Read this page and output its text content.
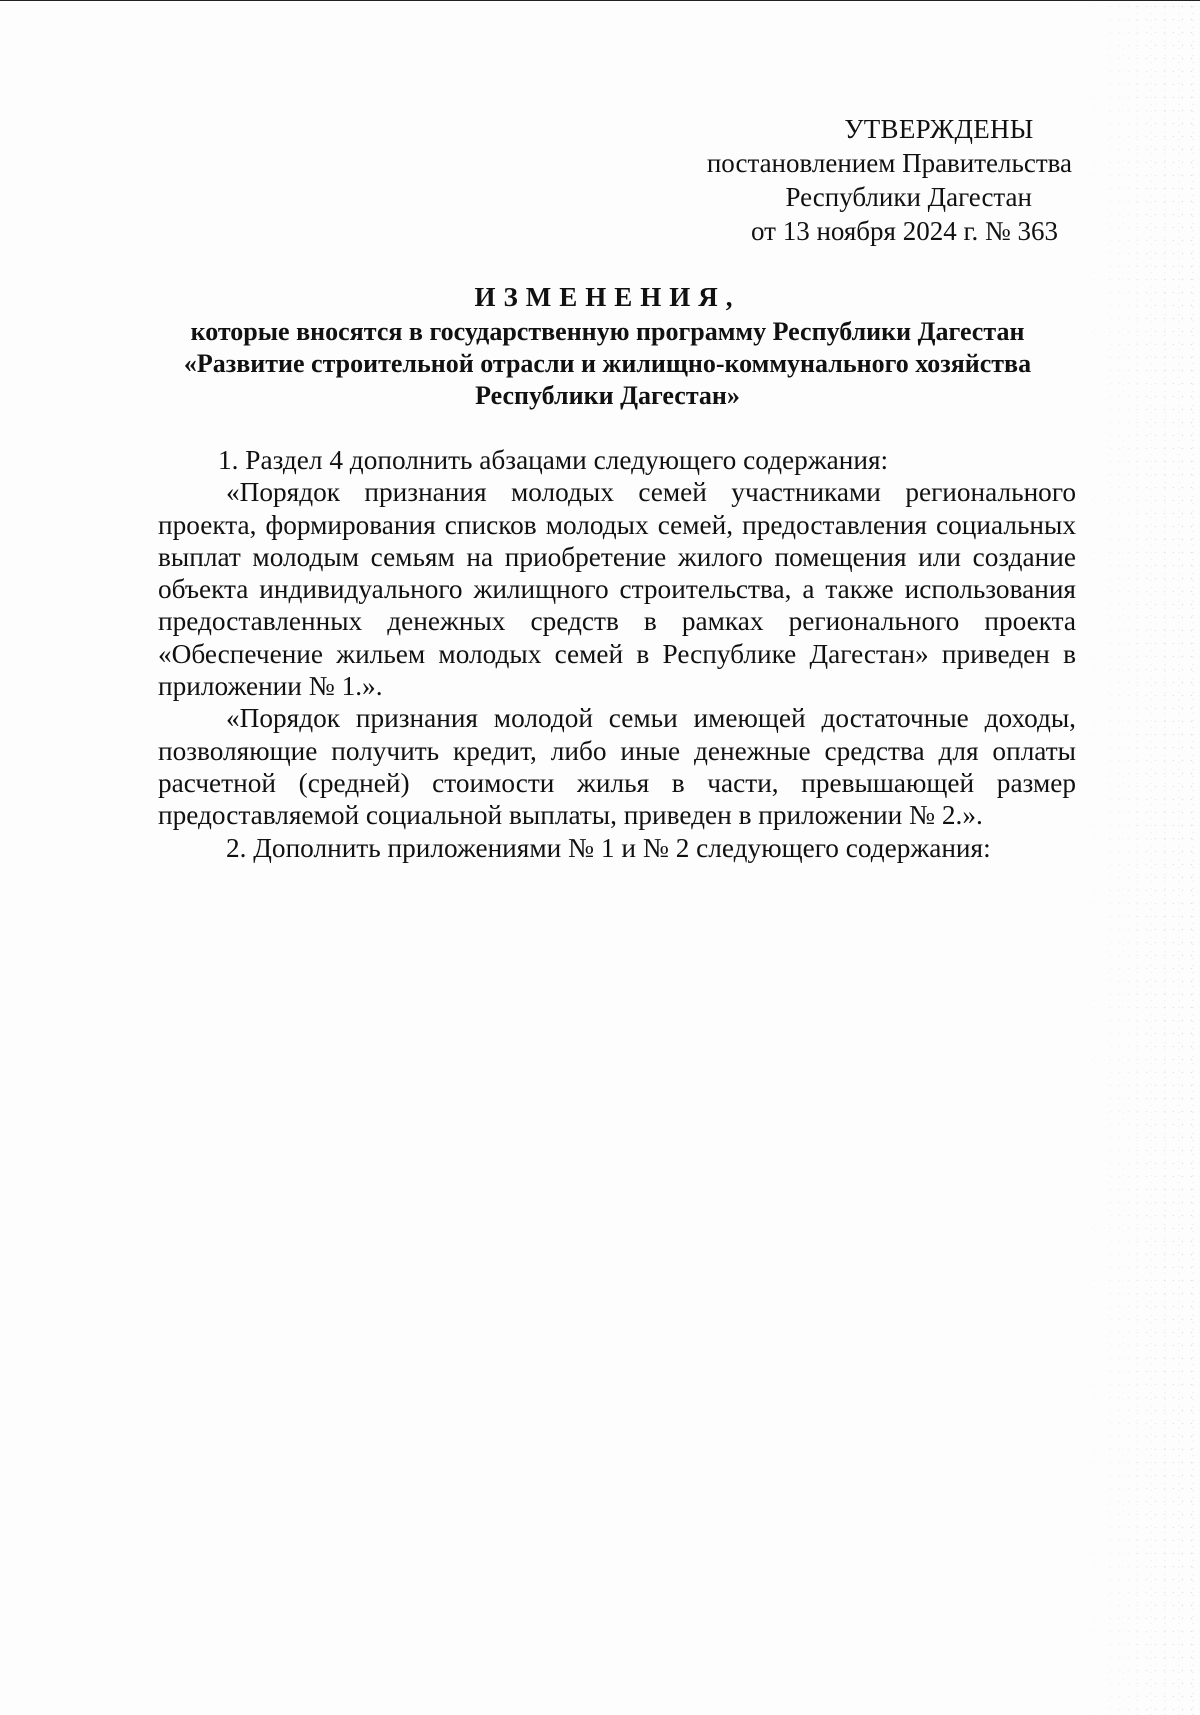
УТВЕРЖДЕНЫ
постановлением Правительства
Республики Дагестан
от 13 ноября 2024 г. № 363
ИЗМЕНЕНИЯ,
которые вносятся в государственную программу Республики Дагестан «Развитие строительной отрасли и жилищно-коммунального хозяйства Республики Дагестан»

1. Раздел 4 дополнить абзацами следующего содержания:

«Порядок признания молодых семей участниками регионального проекта, формирования списков молодых семей, предоставления социальных выплат молодым семьям на приобретение жилого помещения или создание объекта индивидуального жилищного строительства, а также использования предоставленных денежных средств в рамках регионального проекта «Обеспечение жильем молодых семей в Республике Дагестан» приведен в приложении № 1.».

«Порядок признания молодой семьи имеющей достаточные доходы, позволяющие получить кредит, либо иные денежные средства для оплаты расчетной (средней) стоимости жилья в части, превышающей размер предоставляемой социальной выплаты, приведен в приложении № 2.».

2. Дополнить приложениями № 1 и № 2 следующего содержания:
